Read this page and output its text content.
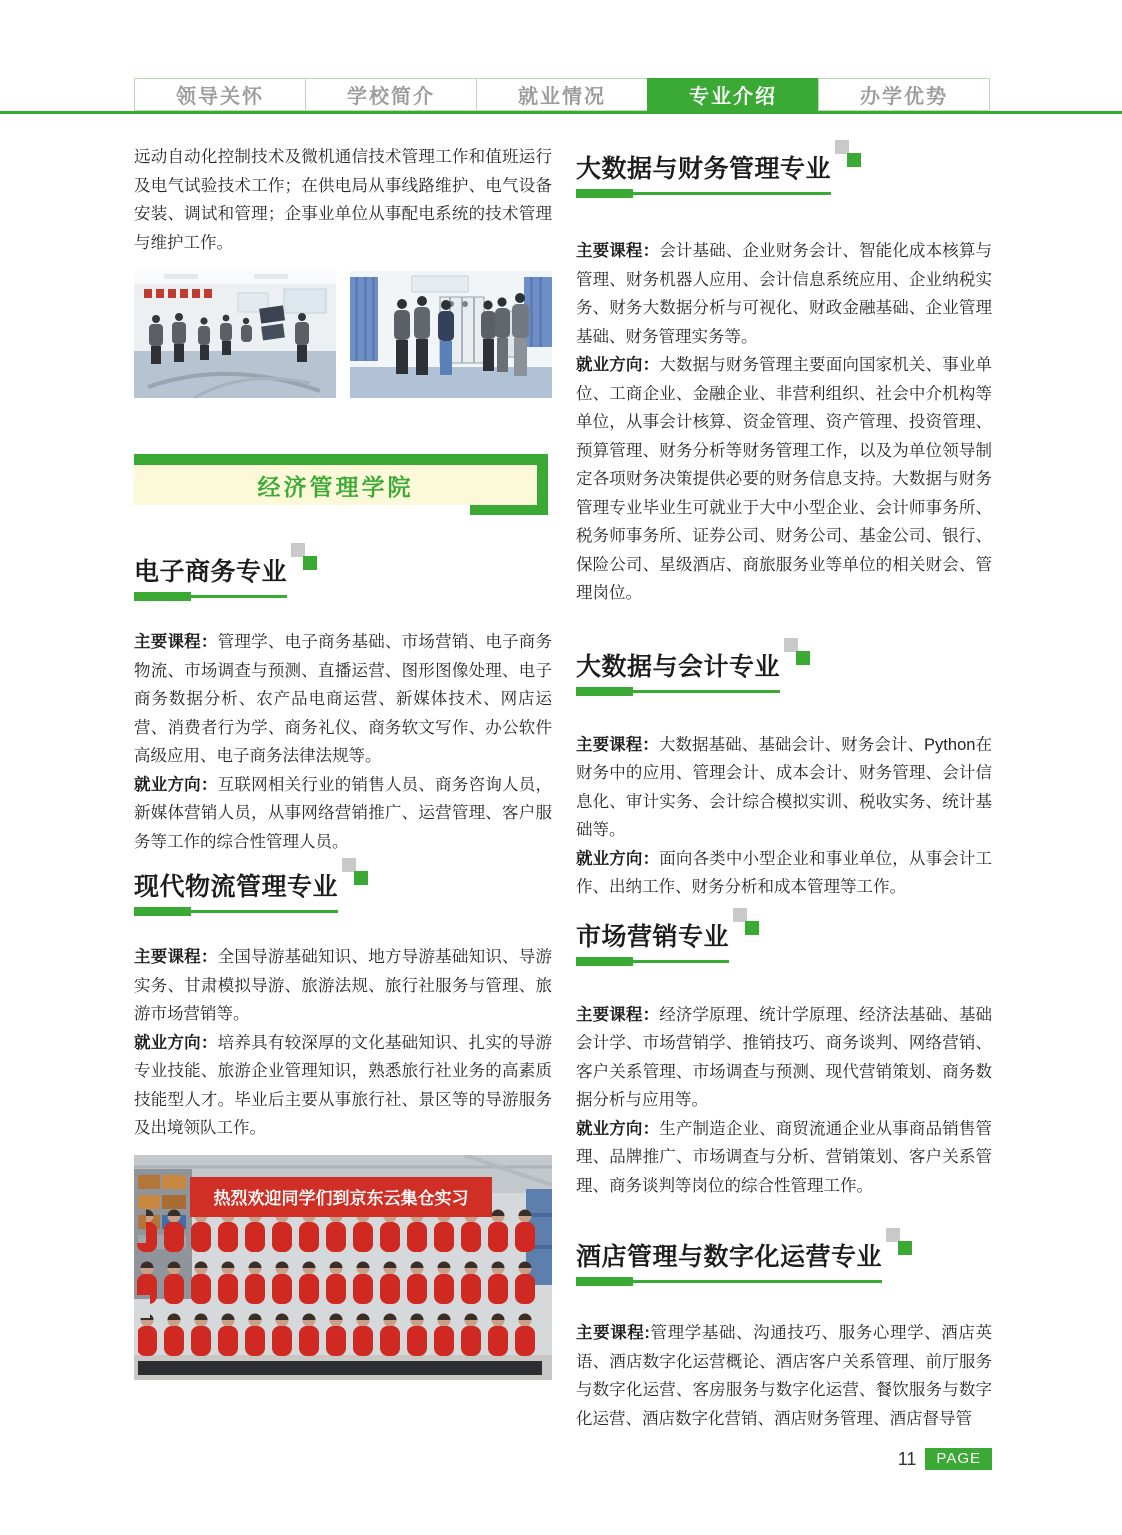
领导关怀	学校简介	就业情况	专业介绍	办学优势

远动自动化控制技术及微机通信技术管理工作和值班运行及电气试验技术工作；在供电局从事线路维护、电气设备安装、调试和管理；企事业单位从事配电系统的技术管理与维护工作。

经济管理学院
电子商务专业

主要课程：管理学、电子商务基础、市场营销、电子商务物流、市场调查与预测、直播运营、图形图像处理、电子商务数据分析、农产品电商运营、新媒体技术、网店运营、消费者行为学、商务礼仪、商务软文写作、办公软件高级应用、电子商务法律法规等。

就业方向：互联网相关行业的销售人员、商务咨询人员，新媒体营销人员，从事网络营销推广、运营管理、客户服务等工作的综合性管理人员。

现代物流管理专业

主要课程：全国导游基础知识、地方导游基础知识、导游实务、甘肃模拟导游、旅游法规、旅行社服务与管理、旅游市场营销等。

就业方向：培养具有较深厚的文化基础知识、扎实的导游专业技能、旅游企业管理知识，熟悉旅行社业务的高素质技能型人才。毕业后主要从事旅行社、景区等的导游服务及出境领队工作。

热烈欢迎同学们到京东云集仓实习
大数据与财务管理专业

主要课程：会计基础、企业财务会计、智能化成本核算与管理、财务机器人应用、会计信息系统应用、企业纳税实务、财务大数据分析与可视化、财政金融基础、企业管理基础、财务管理实务等。

就业方向：大数据与财务管理主要面向国家机关、事业单位、工商企业、金融企业、非营利组织、社会中介机构等单位，从事会计核算、资金管理、资产管理、投资管理、预算管理、财务分析等财务管理工作，以及为单位领导制定各项财务决策提供必要的财务信息支持。大数据与财务管理专业毕业生可就业于大中小型企业、会计师事务所、税务师事务所、证券公司、财务公司、基金公司、银行、保险公司、星级酒店、商旅服务业等单位的相关财会、管理岗位。

大数据与会计专业

主要课程：大数据基础、基础会计、财务会计、Python在财务中的应用、管理会计、成本会计、财务管理、会计信息化、审计实务、会计综合模拟实训、税收实务、统计基础等。

就业方向：面向各类中小型企业和事业单位，从事会计工作、出纳工作、财务分析和成本管理等工作。

市场营销专业

主要课程：经济学原理、统计学原理、经济法基础、基础会计学、市场营销学、推销技巧、商务谈判、网络营销、客户关系管理、市场调查与预测、现代营销策划、商务数据分析与应用等。

就业方向：生产制造企业、商贸流通企业从事商品销售管理、品牌推广、市场调查与分析、营销策划、客户关系管理、商务谈判等岗位的综合性管理工作。

酒店管理与数字化运营专业

主要课程:管理学基础、沟通技巧、服务心理学、酒店英语、酒店数字化运营概论、酒店客户关系管理、前厅服务与数字化运营、客房服务与数字化运营、餐饮服务与数字化运营、酒店数字化营销、酒店财务管理、酒店督导管

11	PAGE
